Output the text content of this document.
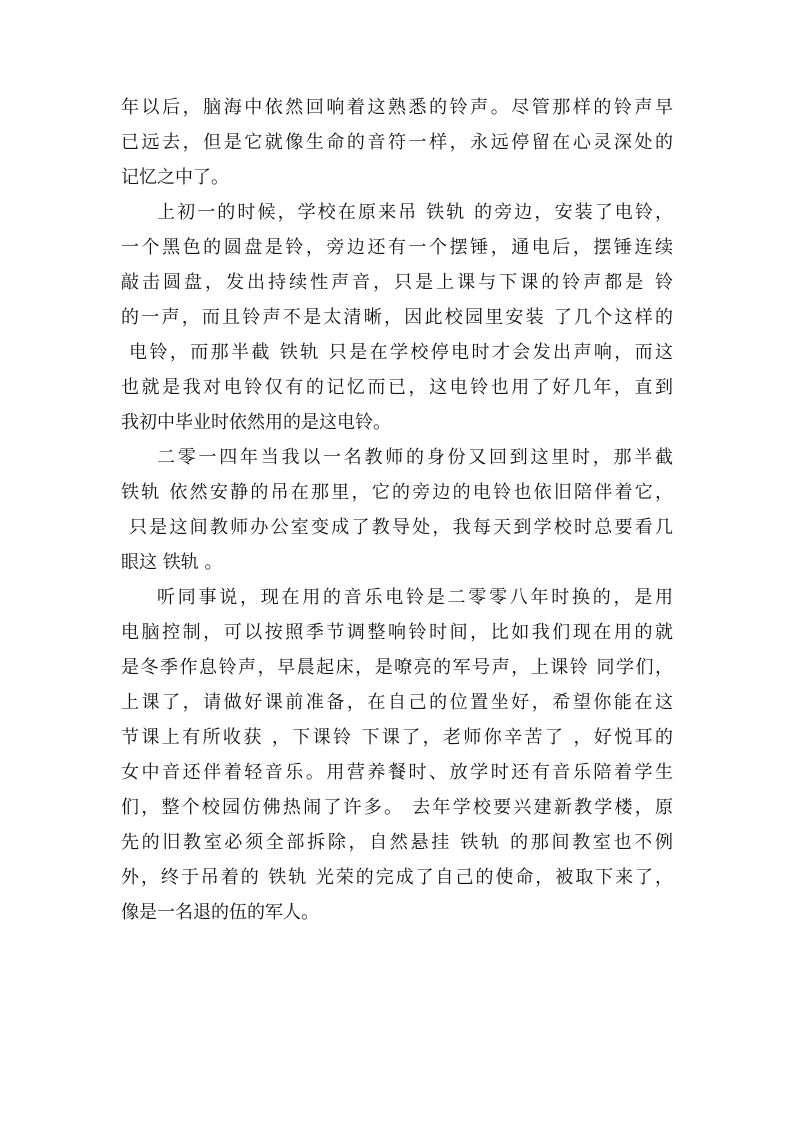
年以后，脑海中依然回响着这熟悉的铃声。尽管那样的铃声早
已远去，但是它就像生命的音符一样，永远停留在心灵深处的
记忆之中了。
上初一的时候，学校在原来吊 铁轨 的旁边，安装了电铃，
一个黑色的圆盘是铃，旁边还有一个摆锤，通电后，摆锤连续
敲击圆盘，发出持续性声音，只是上课与下课的铃声都是 铃
的一声，而且铃声不是太清晰，因此校园里安装 了几个这样的
电铃，而那半截 铁轨 只是在学校停电时才会发出声响，而这
也就是我对电铃仅有的记忆而已，这电铃也用了好几年，直到
我初中毕业时依然用的是这电铃。
二零一四年当我以一名教师的身份又回到这里时，那半截
铁轨 依然安静的吊在那里，它的旁边的电铃也依旧陪伴着它，
只是这间教师办公室变成了教导处，我每天到学校时总要看几
眼这 铁轨 。
听同事说，现在用的音乐电铃是二零零八年时换的，是用
电脑控制，可以按照季节调整响铃时间，比如我们现在用的就
是冬季作息铃声，早晨起床，是嘹亮的军号声，上课铃 同学们，
上课了，请做好课前准备，在自己的位置坐好，希望你能在这
节课上有所收获 ，下课铃 下课了，老师你辛苦了 ，好悦耳的
女中音还伴着轻音乐。用营养餐时、放学时还有音乐陪着学生
们，整个校园仿佛热闹了许多。 去年学校要兴建新教学楼，原
先的旧教室必须全部拆除，自然悬挂 铁轨 的那间教室也不例
外，终于吊着的 铁轨 光荣的完成了自己的使命，被取下来了，
像是一名退的伍的军人。
